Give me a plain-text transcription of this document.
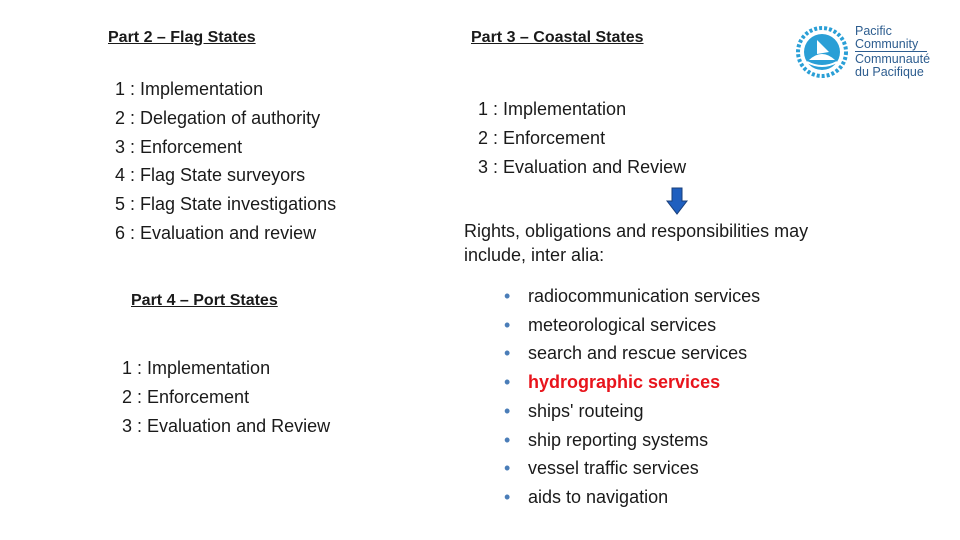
Part 2 – Flag States
1 : Implementation
2 : Delegation of authority
3 : Enforcement
4 : Flag State surveyors
5 : Flag State investigations
6 : Evaluation and review
Part 4 – Port States
1 : Implementation
2 : Enforcement
3 : Evaluation and Review
Part 3 – Coastal States
1 : Implementation
2 : Enforcement
3 : Evaluation and Review
Rights, obligations and responsibilities may include, inter alia:
• radiocommunication services
• meteorological services
• search and rescue services
• hydrographic services
• ships' routeing
• ship reporting systems
• vessel traffic services
• aids to navigation
Pacific
Community
Communauté
du Pacifique
